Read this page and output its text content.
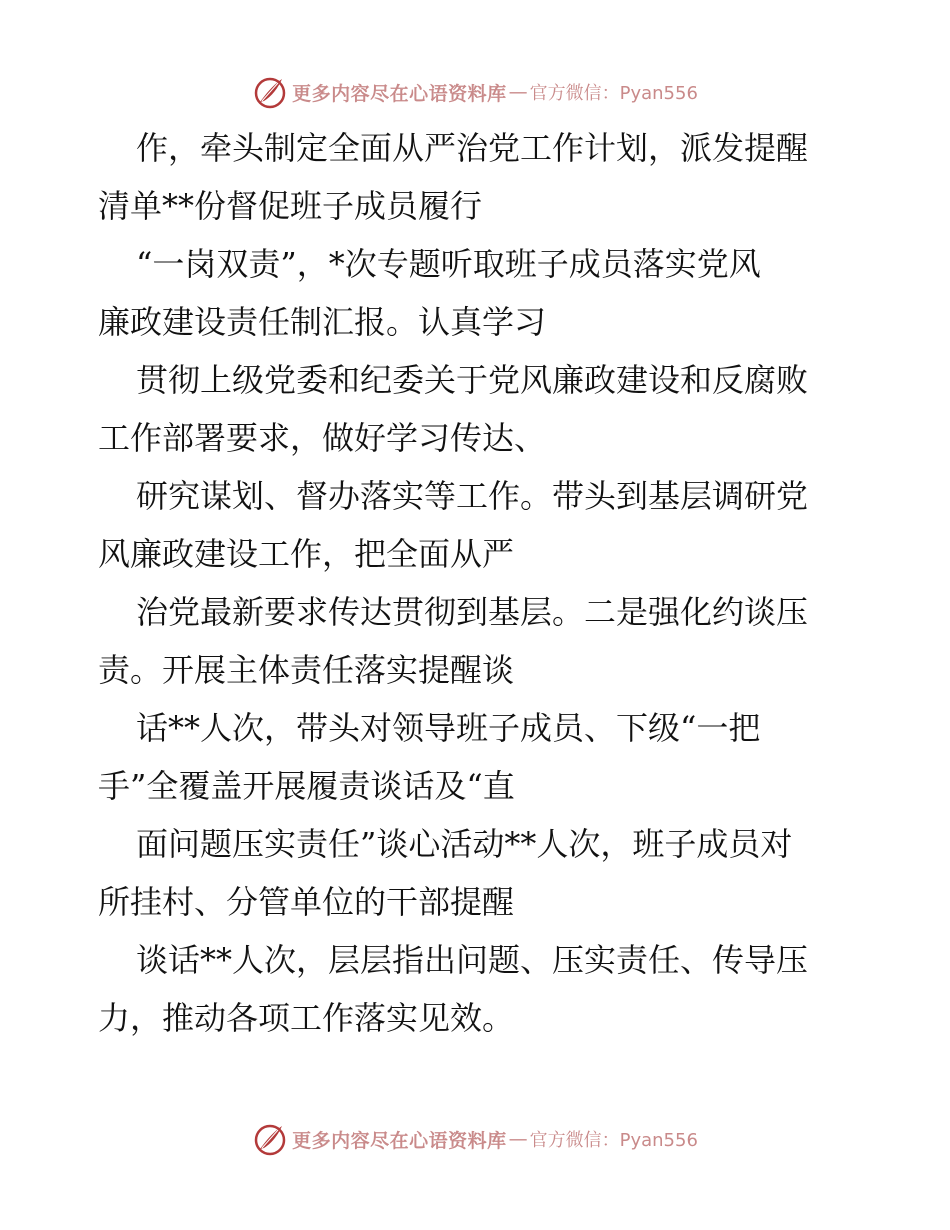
更多内容尽在心语资料库 — 官方微信：Pyan556
作，牵头制定全面从严治党工作计划，派发提醒
清单**份督促班子成员履行
“一岗双责”，*次专题听取班子成员落实党风
廉政建设责任制汇报。认真学习
贯彻上级党委和纪委关于党风廉政建设和反腐败
工作部署要求，做好学习传达、
研究谋划、督办落实等工作。带头到基层调研党
风廉政建设工作，把全面从严
治党最新要求传达贯彻到基层。二是强化约谈压
责。开展主体责任落实提醒谈
话**人次，带头对领导班子成员、下级“一把
手”全覆盖开展履责谈话及“直
面问题压实责任”谈心活动**人次，班子成员对
所挂村、分管单位的干部提醒
谈话**人次，层层指出问题、压实责任、传导压
力，推动各项工作落实见效。
更多内容尽在心语资料库 — 官方微信：Pyan556
